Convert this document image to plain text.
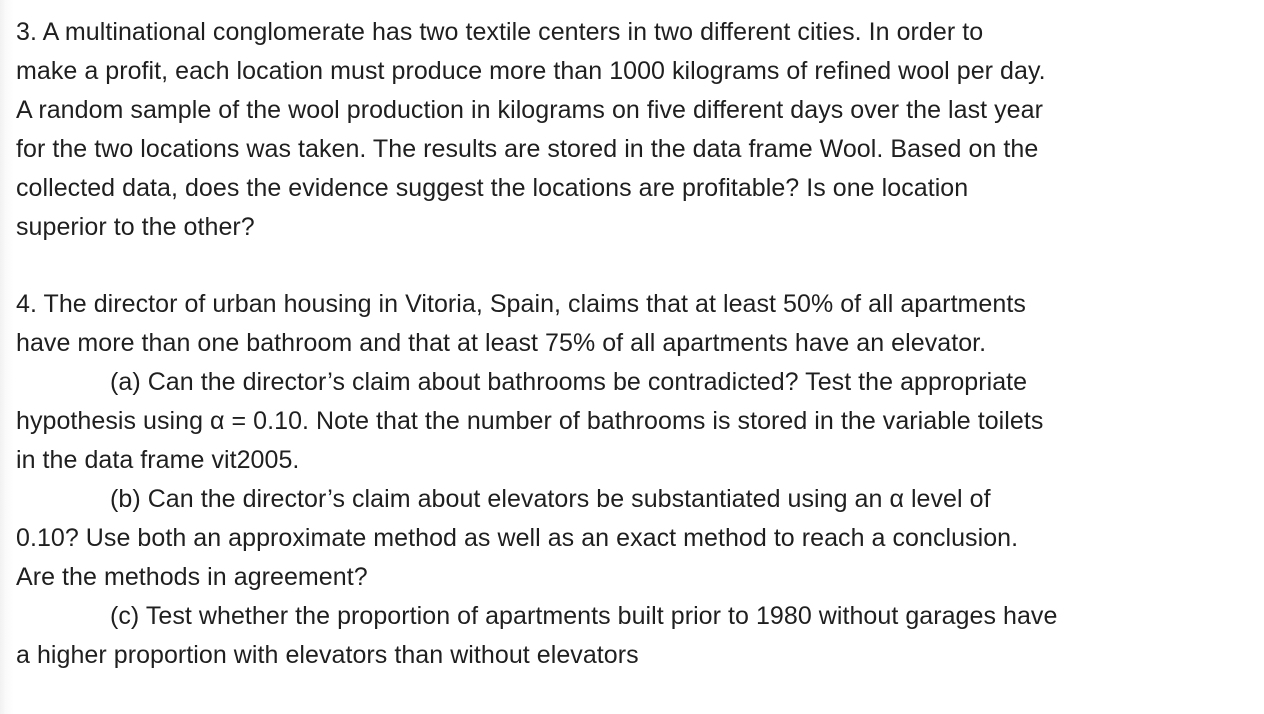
3. A multinational conglomerate has two textile centers in two different cities. In order to
make a profit, each location must produce more than 1000 kilograms of refined wool per day.
A random sample of the wool production in kilograms on five different days over the last year
for the two locations was taken. The results are stored in the data frame Wool. Based on the
collected data, does the evidence suggest the locations are profitable? Is one location
superior to the other?
4. The director of urban housing in Vitoria, Spain, claims that at least 50% of all apartments
have more than one bathroom and that at least 75% of all apartments have an elevator.
(a) Can the director’s claim about bathrooms be contradicted? Test the appropriate
hypothesis using α = 0.10. Note that the number of bathrooms is stored in the variable toilets
in the data frame vit2005.
(b) Can the director’s claim about elevators be substantiated using an α level of
0.10? Use both an approximate method as well as an exact method to reach a conclusion.
Are the methods in agreement?
(c) Test whether the proportion of apartments built prior to 1980 without garages have
a higher proportion with elevators than without elevators
